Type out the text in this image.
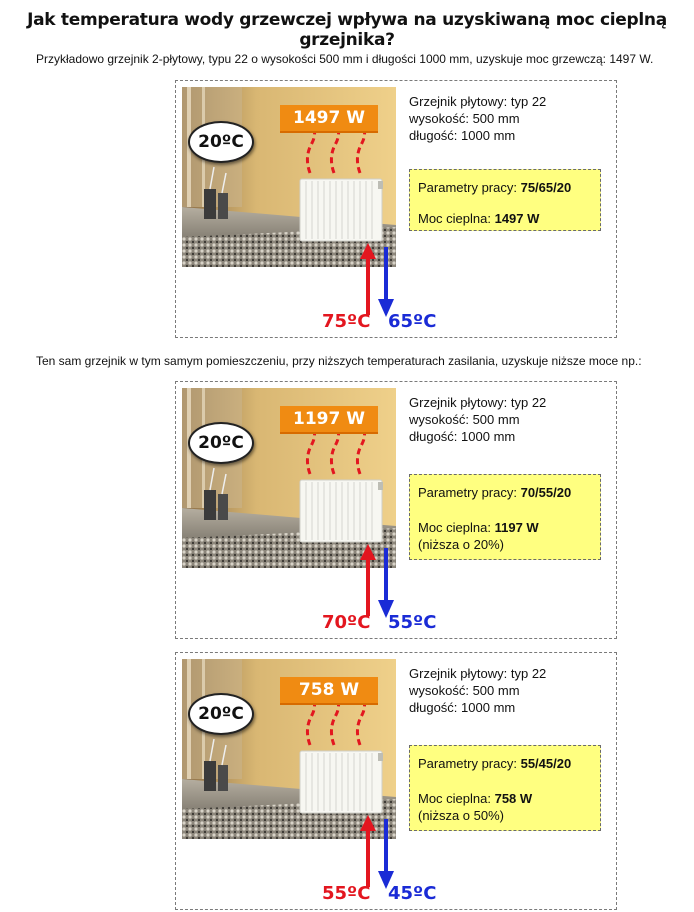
Jak temperatura wody grzewczej wpływa na uzyskiwaną moc cieplną grzejnika?
Przykładowo grzejnik 2-płytowy, typu 22 o wysokości 500 mm i długości 1000 mm, uzyskuje moc grzewczą: 1497 W.
Ten sam grzejnik w tym samym pomieszczeniu, przy niższych temperaturach zasilania, uzyskuje niższe moce np.:
1497 W
20ºC
Grzejnik płytowy: typ 22
wysokość: 500 mm
długość: 1000 mm
Parametry pracy: 75/65/20
Moc cieplna: 1497 W
75ºC 65ºC
1197 W
20ºC
Grzejnik płytowy: typ 22
wysokość: 500 mm
długość: 1000 mm
Parametry pracy: 70/55/20
Moc cieplna: 1197 W
(niższa o 20%)
70ºC 55ºC
758 W
20ºC
Grzejnik płytowy: typ 22
wysokość: 500 mm
długość: 1000 mm
Parametry pracy: 55/45/20
Moc cieplna: 758 W
(niższa o 50%)
55ºC 45ºC
